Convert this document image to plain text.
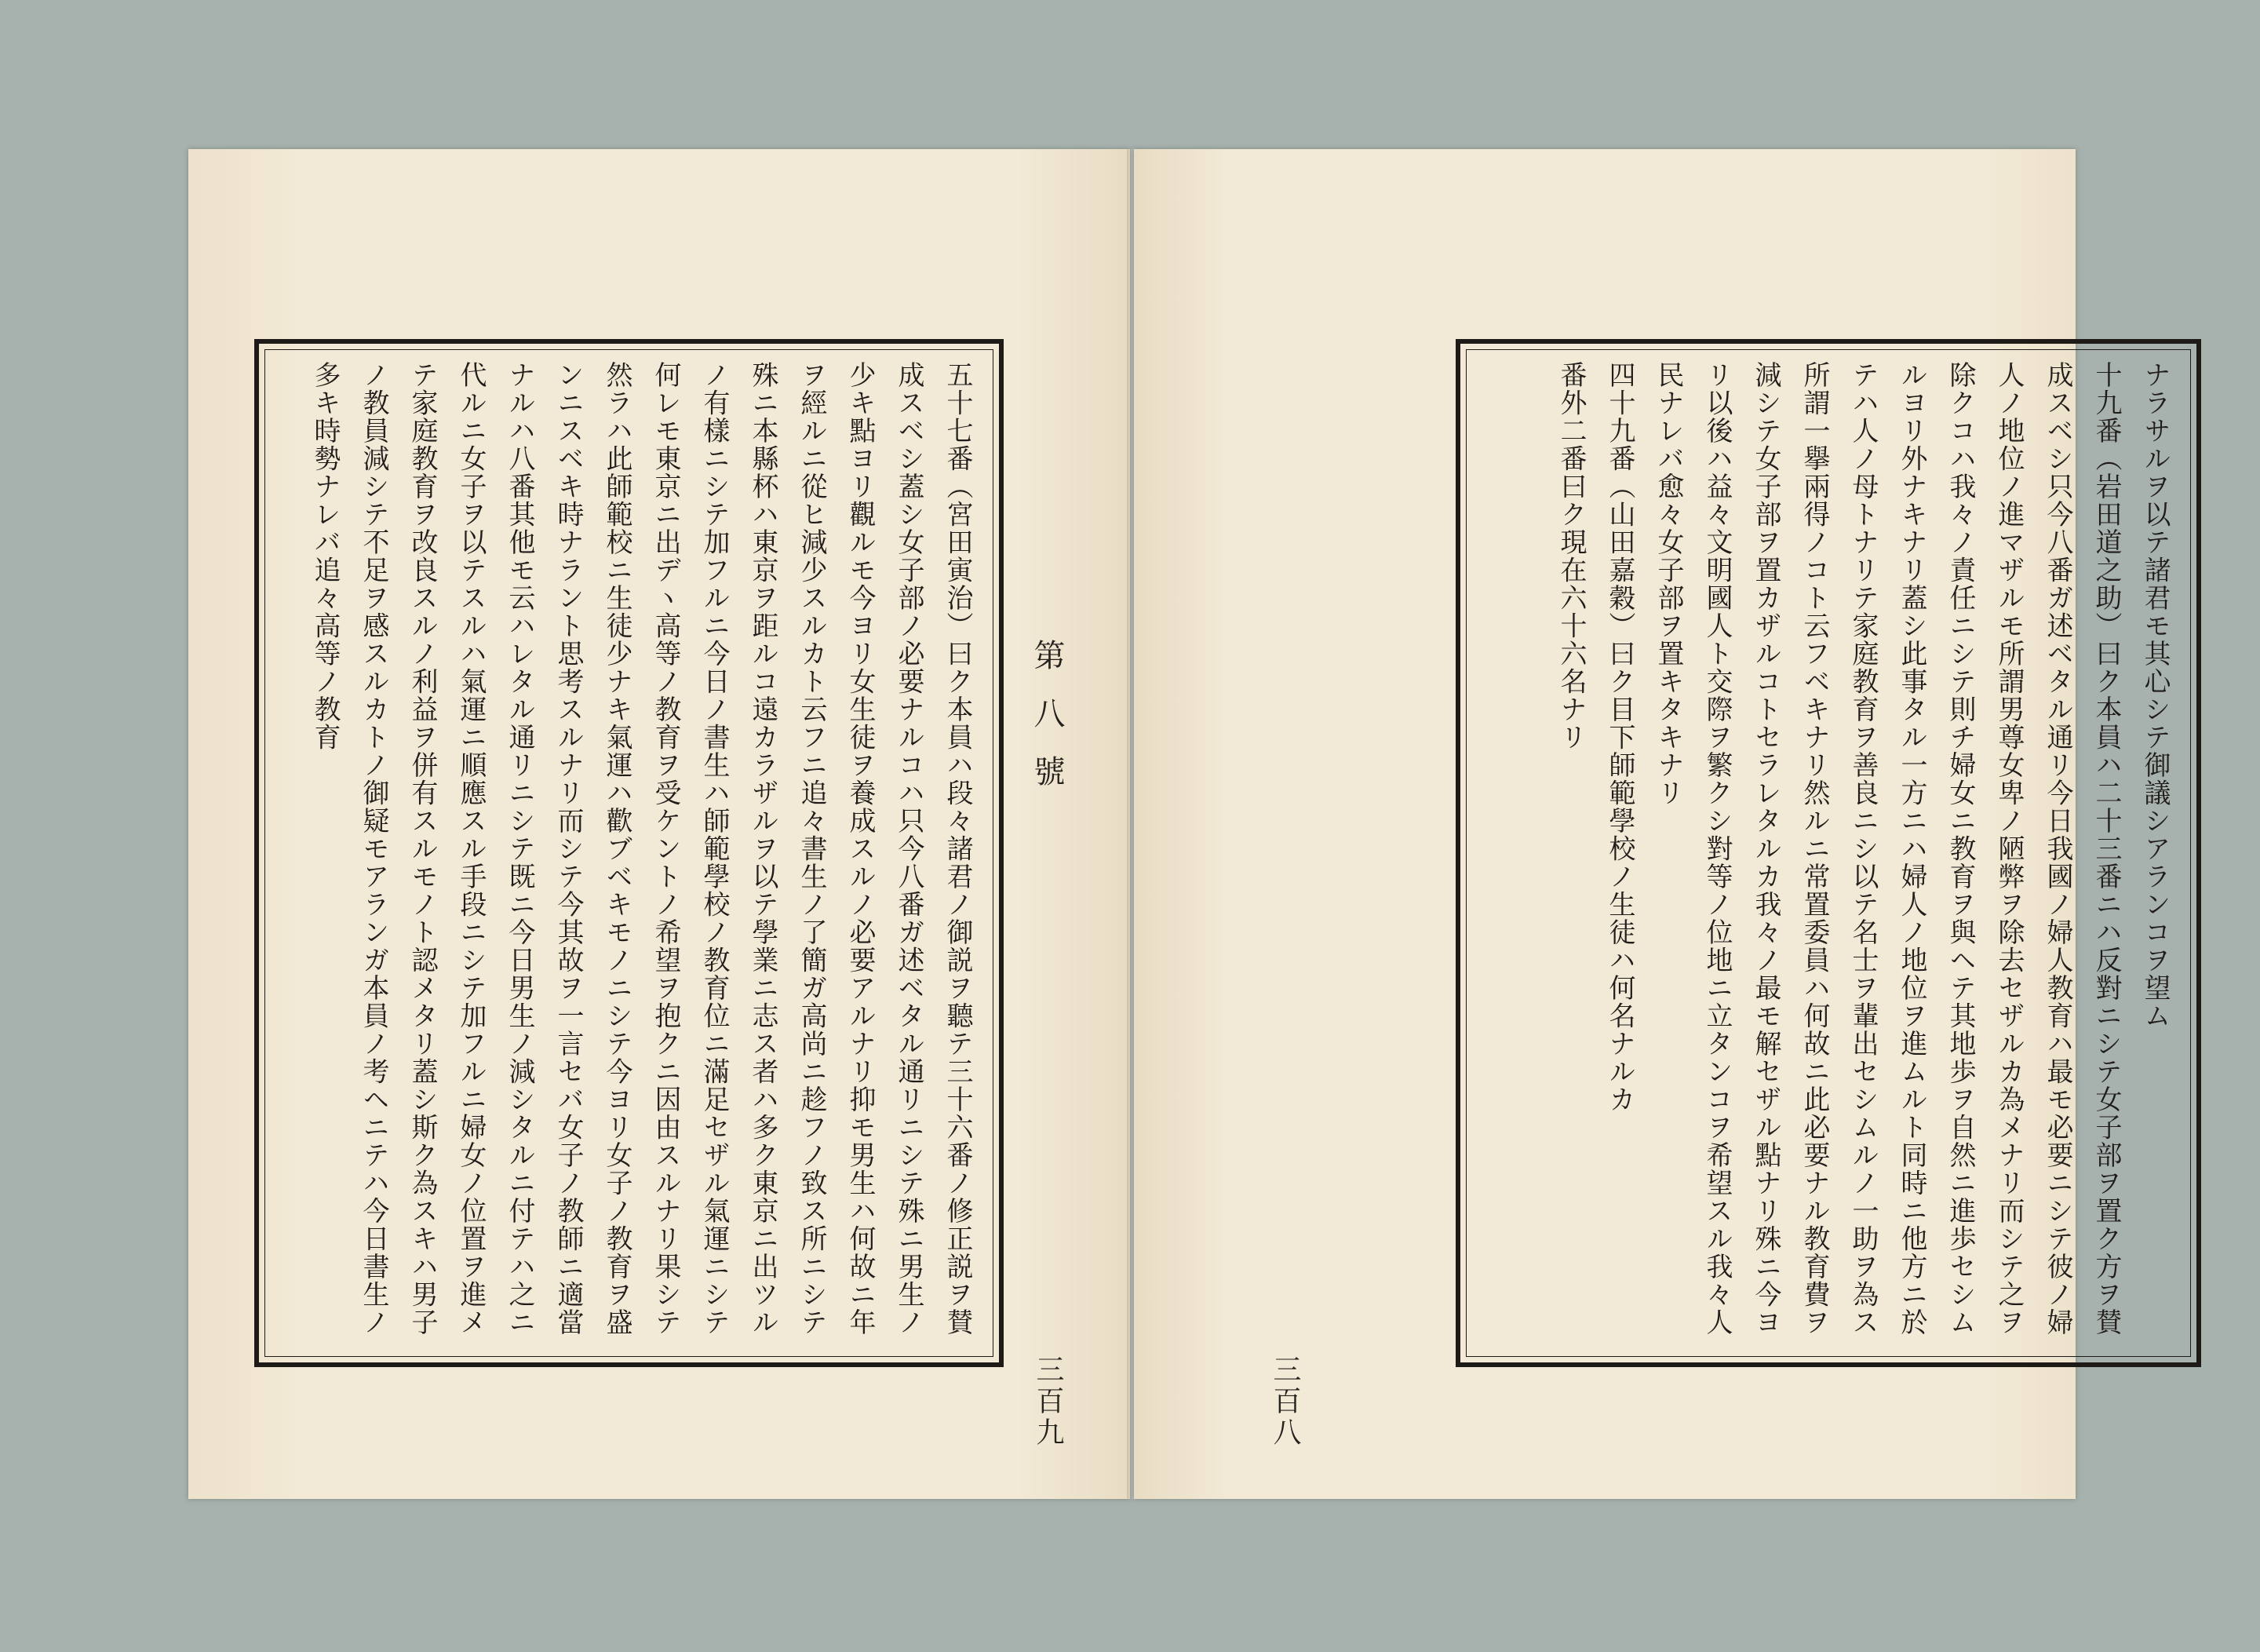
五十七番（宮田寅治）曰ク本員ハ段々諸君ノ御説ヲ聽テ三十六番ノ修正説ヲ賛成スベシ蓋シ女子部ノ必要ナルコハ只今八番ガ述ベタル通リニシテ殊ニ男生ノ少キ點ヨリ觀ルモ今ヨリ女生徒ヲ養成スルノ必要アルナリ抑モ男生ハ何故ニ年ヲ經ルニ從ヒ減少スルカト云フニ追々書生ノ了簡ガ高尚ニ趁フノ致ス所ニシテ殊ニ本縣杯ハ東京ヲ距ルコ遠カラザルヲ以テ學業ニ志ス者ハ多ク東京ニ出ツルノ有樣ニシテ加フルニ今日ノ書生ハ師範學校ノ教育位ニ滿足セザル氣運ニシテ何レモ東京ニ出デヽ高等ノ教育ヲ受ケントノ希望ヲ抱クニ因由スルナリ果シテ然ラハ此師範校ニ生徒少ナキ氣運ハ歡ブベキモノニシテ今ヨリ女子ノ教育ヲ盛ンニスベキ時ナラント思考スルナリ而シテ今其故ヲ一言セバ女子ノ教師ニ適當ナルハ八番其他モ云ハレタル通リニシテ既ニ今日男生ノ減シタルニ付テハ之ニ代ルニ女子ヲ以テスルハ氣運ニ順應スル手段ニシテ加フルニ婦女ノ位置ヲ進メテ家庭教育ヲ改良スルノ利益ヲ併有スルモノト認メタリ蓋シ斯ク為スキハ男子ノ教員減シテ不足ヲ感スルカトノ御疑モアランガ本員ノ考ヘニテハ今日書生ノ多キ時勢ナレバ追々高等ノ教育	ナラサルヲ以テ諸君モ其心シテ御議シアランコヲ望ム

十九番（岩田道之助）曰ク本員ハ二十三番ニハ反對ニシテ女子部ヲ置ク方ヲ賛成スベシ只今八番ガ述ベタル通リ今日我國ノ婦人教育ハ最モ必要ニシテ彼ノ婦人ノ地位ノ進マザルモ所謂男尊女卑ノ陋弊ヲ除去セザルカ為メナリ而シテ之ヲ除クコハ我々ノ責任ニシテ則チ婦女ニ教育ヲ與ヘテ其地歩ヲ自然ニ進歩セシムルヨリ外ナキナリ蓋シ此事タル一方ニハ婦人ノ地位ヲ進ムルト同時ニ他方ニ於テハ人ノ母トナリテ家庭教育ヲ善良ニシ以テ名士ヲ輩出セシムルノ一助ヲ為ス所謂一擧兩得ノコト云フベキナリ然ルニ常置委員ハ何故ニ此必要ナル教育費ヲ減シテ女子部ヲ置カザルコトセラレタルカ我々ノ最モ解セザル點ナリ殊ニ今ヨリ以後ハ益々文明國人ト交際ヲ繁クシ對等ノ位地ニ立タンコヲ希望スル我々人民ナレバ愈々女子部ヲ置キタキナリ

四十九番（山田嘉穀）曰ク目下師範學校ノ生徒ハ何名ナルカ

番外二番曰ク現在六十六名ナリ

第八號
三百九	三百八
